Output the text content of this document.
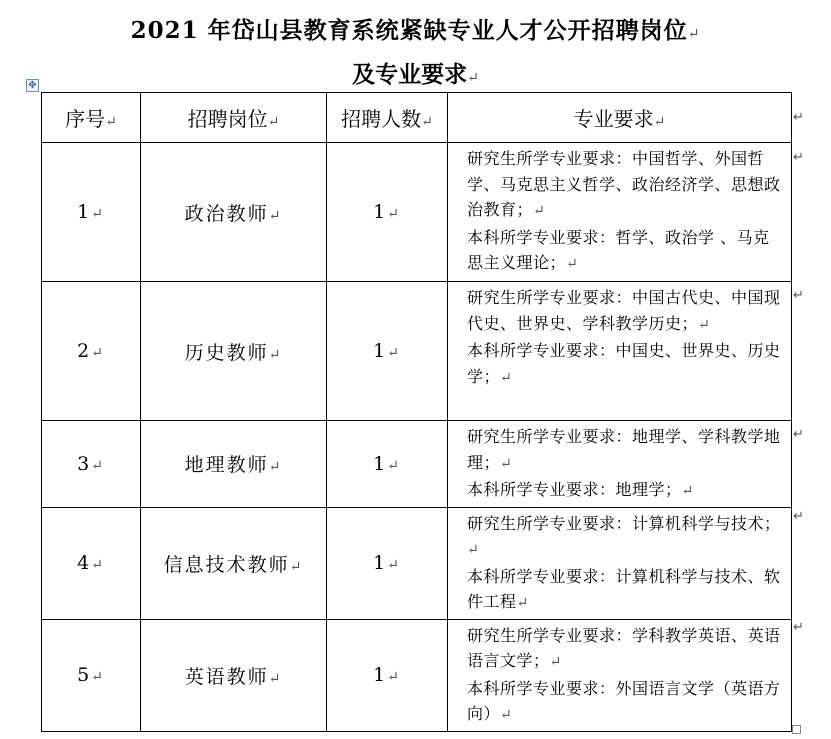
2021 年岱山县教育系统紧缺专业人才公开招聘岗位↵
及专业要求↵
✥
序号↵	招聘岗位↵	招聘人数↵	专业要求↵
1↵	政治教师↵	1↵	研究生所学专业要求：中国哲学、外国哲学、马克思主义哲学、政治经济学、思想政治教育；↵
本科所学专业要求：哲学、政治学 、马克思主义理论；↵

2↵	历史教师↵	1↵	研究生所学专业要求：中国古代史、中国现代史、世界史、学科教学历史；↵
本科所学专业要求：中国史、世界史、历史学；↵

3↵	地理教师↵	1↵	研究生所学专业要求：地理学、学科教学地理；↵
本科所学专业要求：地理学；↵

4↵	信息技术教师↵	1↵	研究生所学专业要求：计算机科学与技术；↵
本科所学专业要求：计算机科学与技术、软件工程↵

5↵	英语教师↵	1↵	研究生所学专业要求：学科教学英语、英语语言文学；↵
本科所学专业要求：外国语言文学（英语方向）↵
↵
↵
↵
↵
↵
↵
